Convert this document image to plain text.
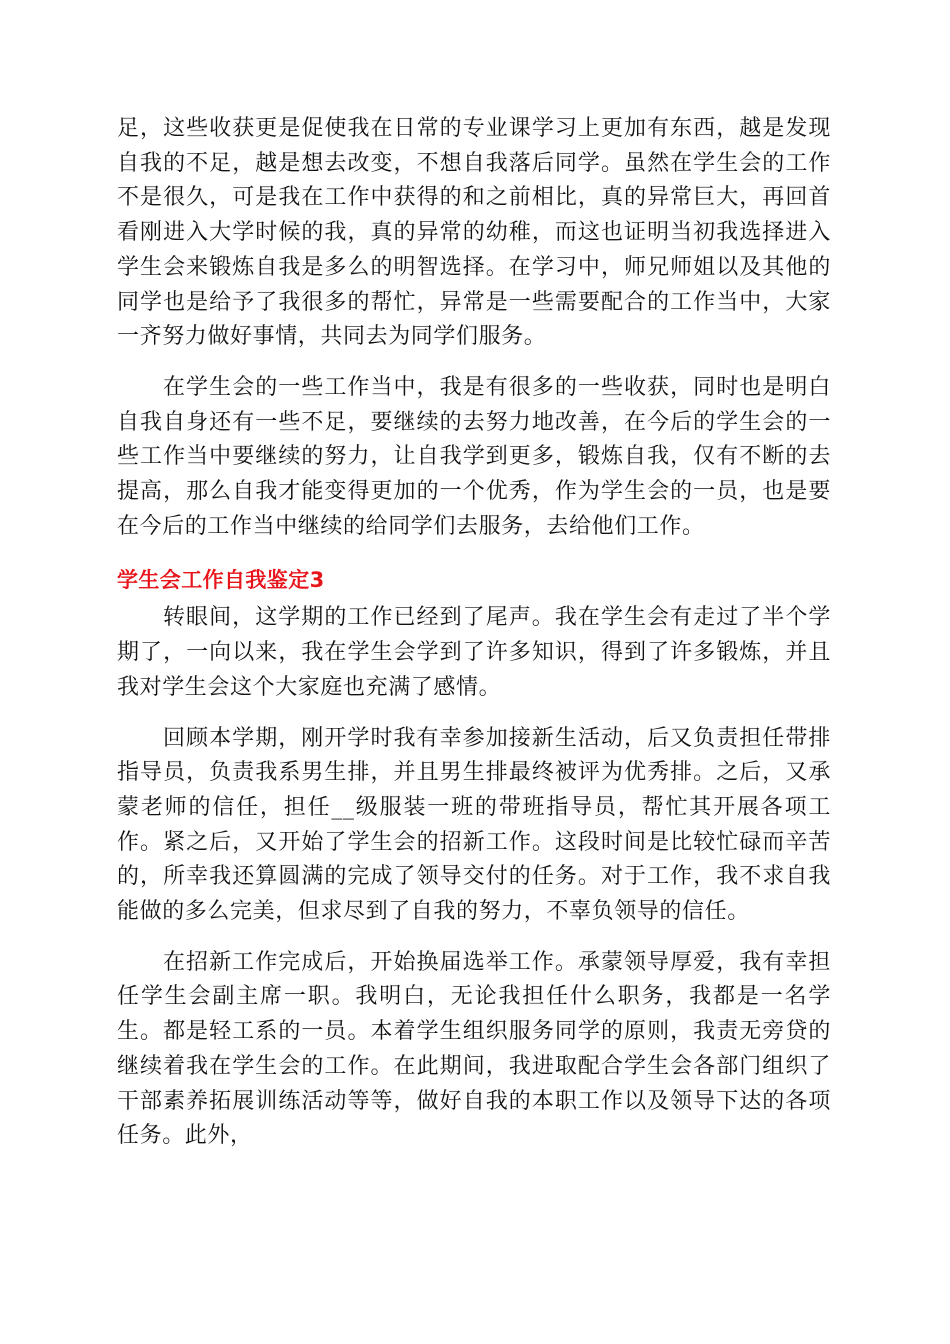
足，这些收获更是促使我在日常的专业课学习上更加有东西，越是发现自我的不足，越是想去改变，不想自我落后同学。虽然在学生会的工作不是很久，可是我在工作中获得的和之前相比，真的异常巨大，再回首看刚进入大学时候的我，真的异常的幼稚，而这也证明当初我选择进入学生会来锻炼自我是多么的明智选择。在学习中，师兄师姐以及其他的同学也是给予了我很多的帮忙，异常是一些需要配合的工作当中，大家一齐努力做好事情，共同去为同学们服务。

在学生会的一些工作当中，我是有很多的一些收获，同时也是明白自我自身还有一些不足，要继续的去努力地改善，在今后的学生会的一些工作当中要继续的努力，让自我学到更多，锻炼自我，仅有不断的去提高，那么自我才能变得更加的一个优秀，作为学生会的一员，也是要在今后的工作当中继续的给同学们去服务，去给他们工作。

学生会工作自我鉴定3

转眼间，这学期的工作已经到了尾声。我在学生会有走过了半个学期了，一向以来，我在学生会学到了许多知识，得到了许多锻炼，并且我对学生会这个大家庭也充满了感情。

回顾本学期，刚开学时我有幸参加接新生活动，后又负责担任带排指导员，负责我系男生排，并且男生排最终被评为优秀排。之后，又承蒙老师的信任，担任__级服装一班的带班指导员，帮忙其开展各项工作。紧之后，又开始了学生会的招新工作。这段时间是比较忙碌而辛苦的，所幸我还算圆满的完成了领导交付的任务。对于工作，我不求自我能做的多么完美，但求尽到了自我的努力，不辜负领导的信任。

在招新工作完成后，开始换届选举工作。承蒙领导厚爱，我有幸担任学生会副主席一职。我明白，无论我担任什么职务，我都是一名学生。都是轻工系的一员。本着学生组织服务同学的原则，我责无旁贷的继续着我在学生会的工作。在此期间，我进取配合学生会各部门组织了干部素养拓展训练活动等等，做好自我的本职工作以及领导下达的各项任务。此外，
